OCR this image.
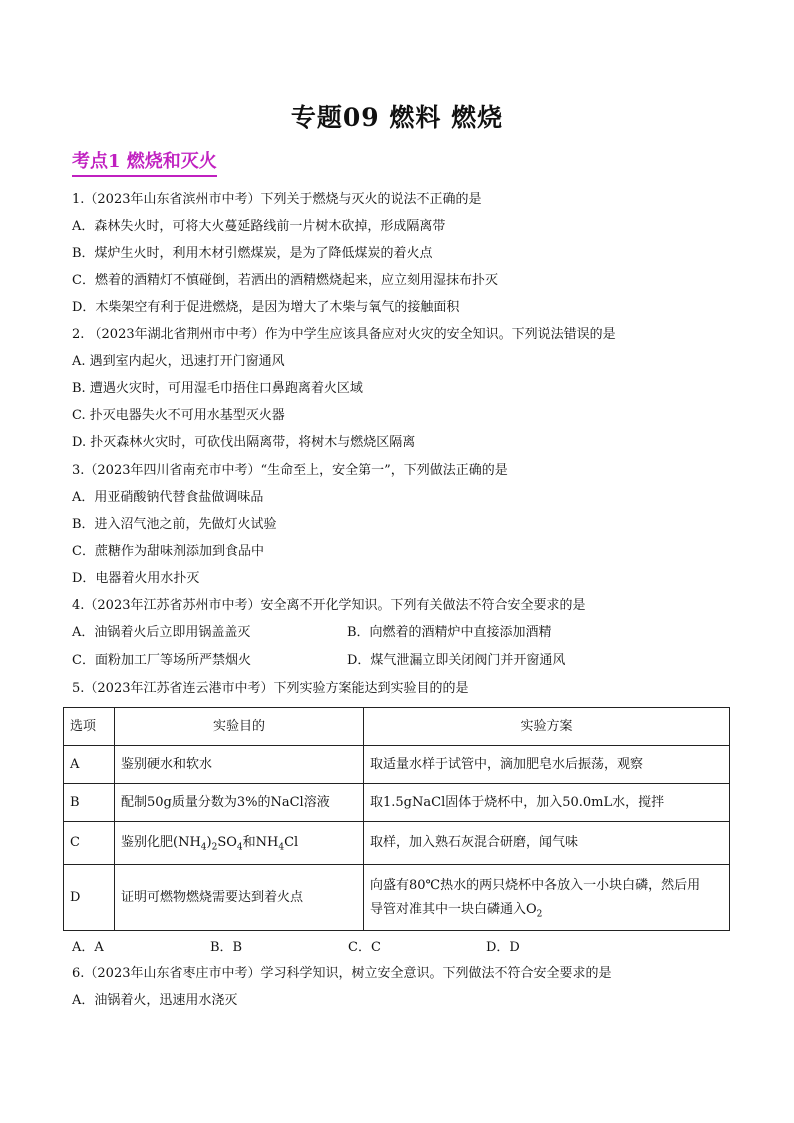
专题09 燃料 燃烧
考点1 燃烧和灭火
1.（2023年山东省滨州市中考）下列关于燃烧与灭火的说法不正确的是
A．森林失火时，可将大火蔓延路线前一片树木砍掉，形成隔离带
B．煤炉生火时，利用木材引燃煤炭，是为了降低煤炭的着火点
C．燃着的酒精灯不慎碰倒，若洒出的酒精燃烧起来，应立刻用湿抹布扑灭
D．木柴架空有利于促进燃烧，是因为增大了木柴与氧气的接触面积
2. （2023年湖北省荆州市中考）作为中学生应该具备应对火灾的安全知识。下列说法错误的是
A. 遇到室内起火，迅速打开门窗通风
B. 遭遇火灾时，可用湿毛巾捂住口鼻跑离着火区域
C. 扑灭电器失火不可用水基型灭火器
D. 扑灭森林火灾时，可砍伐出隔离带，将树木与燃烧区隔离
3.（2023年四川省南充市中考）“生命至上，安全第一”，下列做法正确的是
A．用亚硝酸钠代替食盐做调味品
B．进入沼气池之前，先做灯火试验
C．蔗糖作为甜味剂添加到食品中
D．电器着火用水扑灭
4.（2023年江苏省苏州市中考）安全离不开化学知识。下列有关做法不符合安全要求的是
A．油锅着火后立即用锅盖盖灭	B．向燃着的酒精炉中直接添加酒精
C．面粉加工厂等场所严禁烟火	D．煤气泄漏立即关闭阀门并开窗通风
5.（2023年江苏省连云港市中考）下列实验方案能达到实验目的的是
选项	实验目的	实验方案
A	鉴别硬水和软水	取适量水样于试管中，滴加肥皂水后振荡，观察
B	配制50g质量分数为3%的NaCl溶液	取1.5gNaCl固体于烧杯中，加入50.0mL水，搅拌
C	鉴别化肥$(NH_4)_2SO_4$和$NH_4Cl$	取样，加入熟石灰混合研磨，闻气味
D	证明可燃物燃烧需要达到着火点	向盛有80℃热水的两只烧杯中各放入一小块白磷，然后用
导管对准其中一块白磷通入$O_2$
A．A	B．B	C．C	D．D
6.（2023年山东省枣庄市中考）学习科学知识，树立安全意识。下列做法不符合安全要求的是
A．油锅着火，迅速用水浇灭
